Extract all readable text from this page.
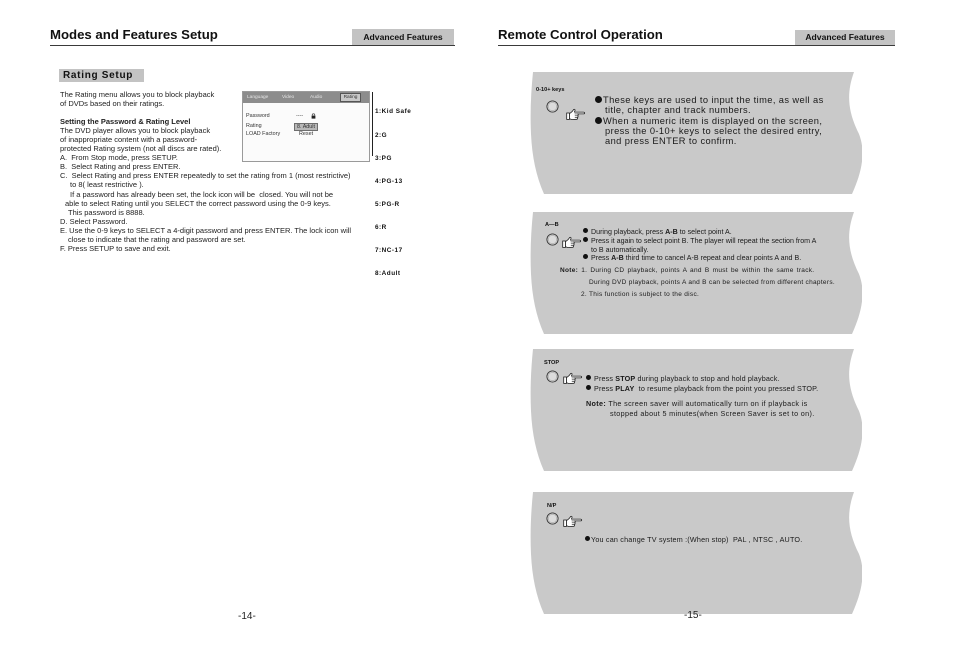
Modes and Features Setup	Advanced Features
Rating Setup
The Rating menu allows you to block playback
of DVDs based on their ratings.
Setting the Password & Rating Level
The DVD player allows you to block playback
of inappropriate content with a password-
protected Rating system (not all discs are rated).
A.  From Stop mode, press SETUP.
B.  Select Rating and press ENTER.
C.  Select Rating and press ENTER repeatedly to set the rating from 1 (most restrictive)
to 8( least restrictive ).
If a password has already been set, the lock icon will be  closed. You will not be
able to select Rating until you SELECT the correct password using the 0-9 keys.
This password is 8888.
D. Select Password.
E. Use the 0-9 keys to SELECT a 4-digit password and press ENTER. The lock icon will
close to indicate that the rating and password are set.
F. Press SETUP to save and exit.

Language

	Video

	Audio

	Rating

Password

	----

Rating

	8. Adult

LOAD Factory

	Reset

1:Kid Safe

2:G

3:PG

4:PG-13

5:PG-R

6:R

7:NC-17

8:Adult

-14-
Remote Control Operation	Advanced Features
0-10+ keys
These keys are used to input the time, as well as
title, chapter and track numbers.
When a numeric item is displayed on the screen,
press the 0-10+ keys to select the desired entry,
and press ENTER to confirm.
A—B
During playback, press A-B to select point A.
Press it again to select point B. The player will repeat the section from A
to B automatically.
Press A-B third time to cancel A-B repeat and clear points A and B.
Note: 1. During CD playback, points A and B must be within the same track.
During DVD playback, points A and B can be selected from different chapters.
2. This function is subject to the disc.
STOP
Press STOP during playback to stop and hold playback.
Press PLAY  to resume playback from the point you pressed STOP.
Note: The screen saver will automatically turn on if playback is
stopped about 5 minutes(when Screen Saver is set to on).
N/P
You can change TV system :(When stop)  PAL , NTSC , AUTO.
-15-
